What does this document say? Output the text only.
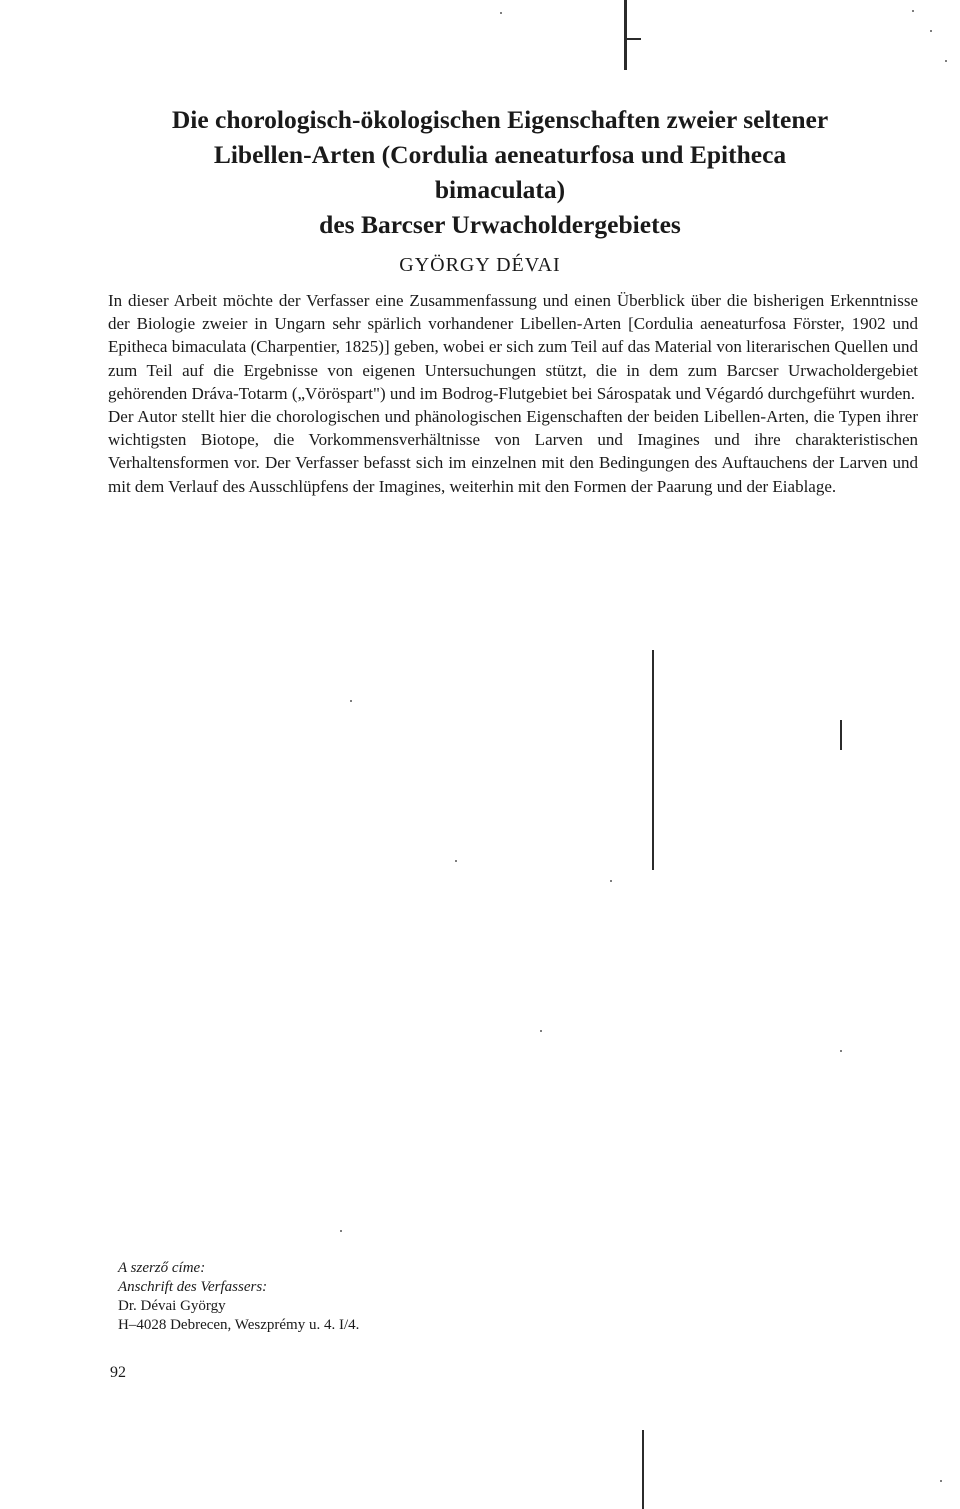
Die chorologisch-ökologischen Eigenschaften zweier seltener
Libellen-Arten (Cordulia aeneaturfosa und Epitheca bimaculata)
des Barcser Urwacholdergebietes
GYÖRGY DÉVAI

In dieser Arbeit möchte der Verfasser eine Zusammenfassung und einen Überblick über die bisherigen Erkenntnisse der Biologie zweier in Ungarn sehr spärlich vorhandener Libellen-Arten [Cordulia aeneaturfosa Förster, 1902 und Epitheca bimaculata (Charpentier, 1825)] geben, wobei er sich zum Teil auf das Material von literarischen Quellen und zum Teil auf die Ergebnisse von eigenen Untersuchungen stützt, die in dem zum Barcser Urwacholdergebiet gehörenden Dráva-Totarm („Vöröspart") und im Bodrog-Flutgebiet bei Sárospatak und Végardó durchgeführt wurden.

Der Autor stellt hier die chorologischen und phänologischen Eigenschaften der beiden Libellen-Arten, die Typen ihrer wichtigsten Biotope, die Vorkommensverhältnisse von Larven und Imagines und ihre charakteristischen Verhaltensformen vor. Der Verfasser befasst sich im einzelnen mit den Bedingungen des Auftauchens der Larven und mit dem Verlauf des Ausschlüpfens der Imagines, weiterhin mit den Formen der Paarung und der Eiablage.

A szerző címe:
Anschrift des Verfassers:
Dr. Dévai György
H–4028 Debrecen, Weszprémy u. 4. I/4.
92
